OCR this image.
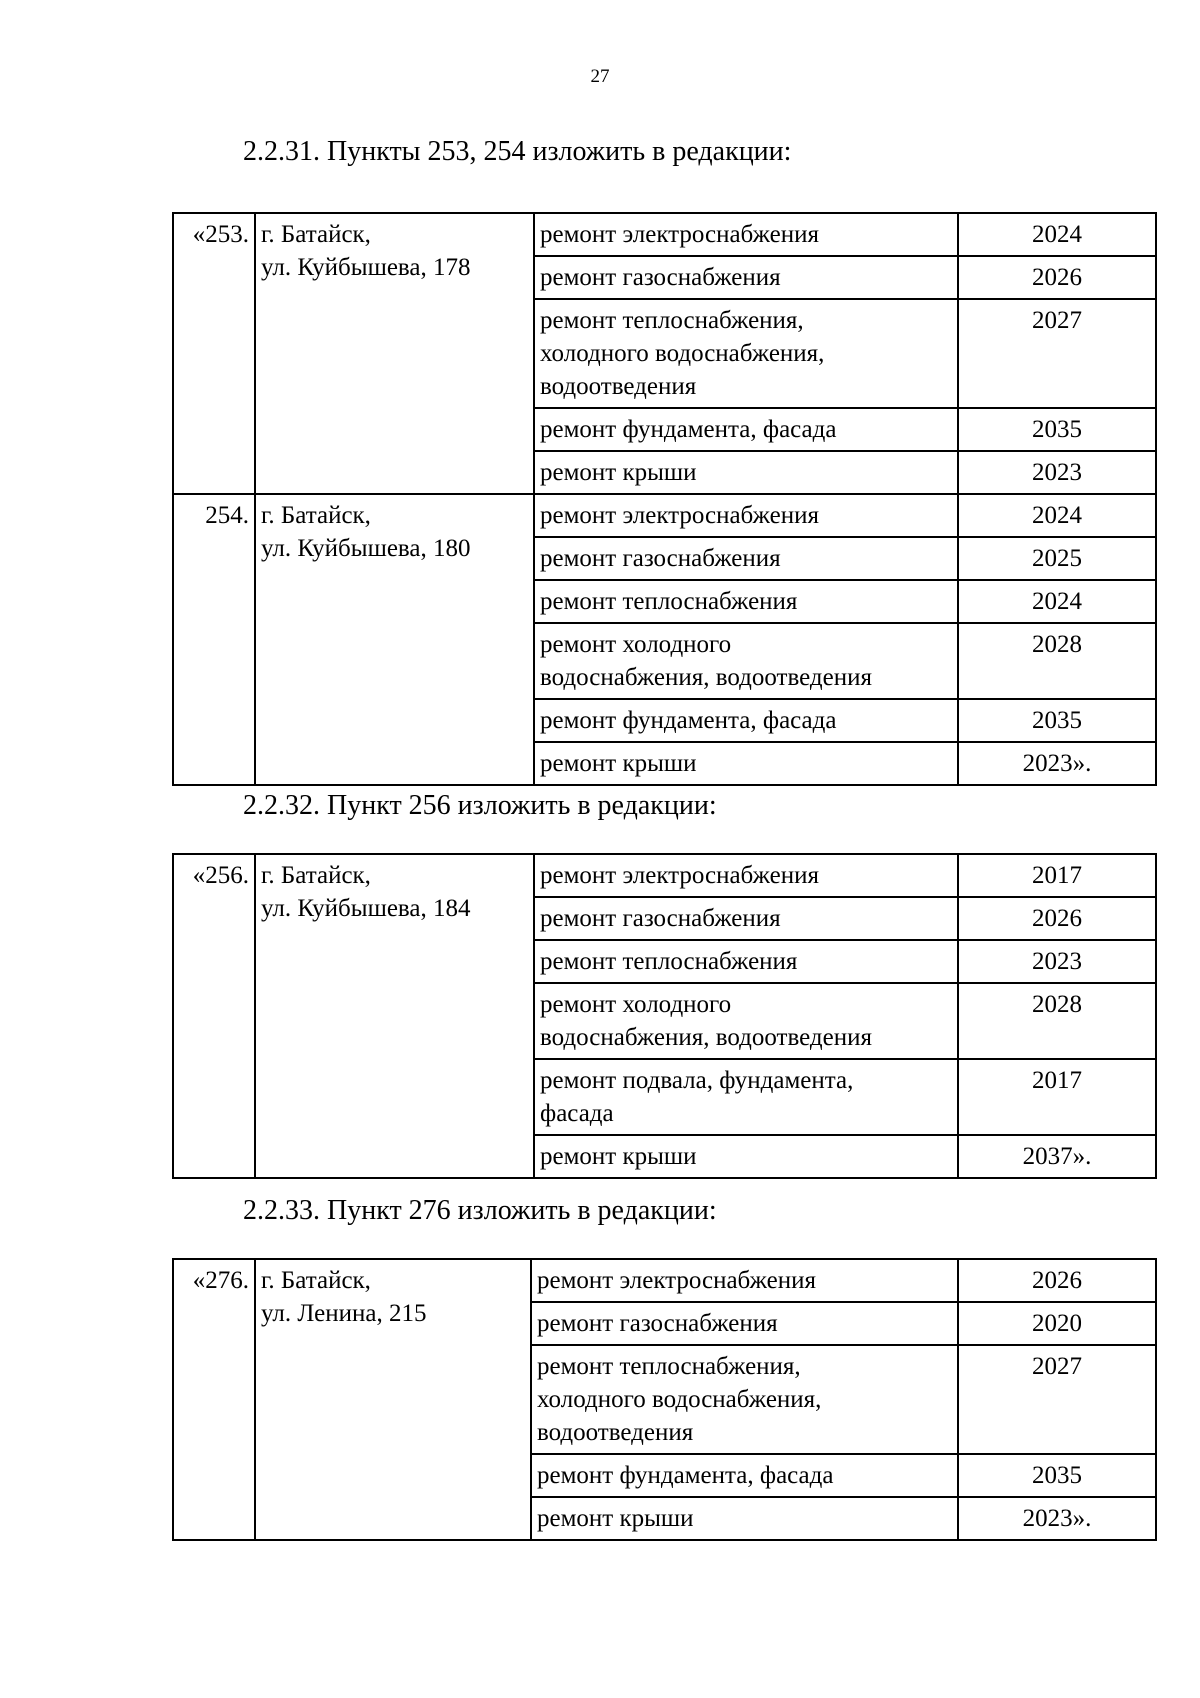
27
2.2.31. Пункты 253, 254 изложить в редакции:
«253.	г. Батайск,
ул. Куйбышева, 178	ремонт электроснабжения	2024
		ремонт газоснабжения	2026
		ремонт теплоснабжения,
холодного водоснабжения,
водоотведения	2027
		ремонт фундамента, фасада	2035
		ремонт крыши	2023
254.	г. Батайск,
ул. Куйбышева, 180	ремонт электроснабжения	2024
		ремонт газоснабжения	2025
		ремонт теплоснабжения	2024
		ремонт холодного
водоснабжения, водоотведения	2028
		ремонт фундамента, фасада	2035
		ремонт крыши	2023».
2.2.32. Пункт 256 изложить в редакции:
«256.	г. Батайск,
ул. Куйбышева, 184	ремонт электроснабжения	2017
		ремонт газоснабжения	2026
		ремонт теплоснабжения	2023
		ремонт холодного
водоснабжения, водоотведения	2028
		ремонт подвала, фундамента,
фасада	2017
		ремонт крыши	2037».
2.2.33. Пункт 276 изложить в редакции:
«276.	г. Батайск,
ул. Ленина, 215	ремонт электроснабжения	2026
		ремонт газоснабжения	2020
		ремонт теплоснабжения,
холодного водоснабжения,
водоотведения	2027
		ремонт фундамента, фасада	2035
		ремонт крыши	2023».
